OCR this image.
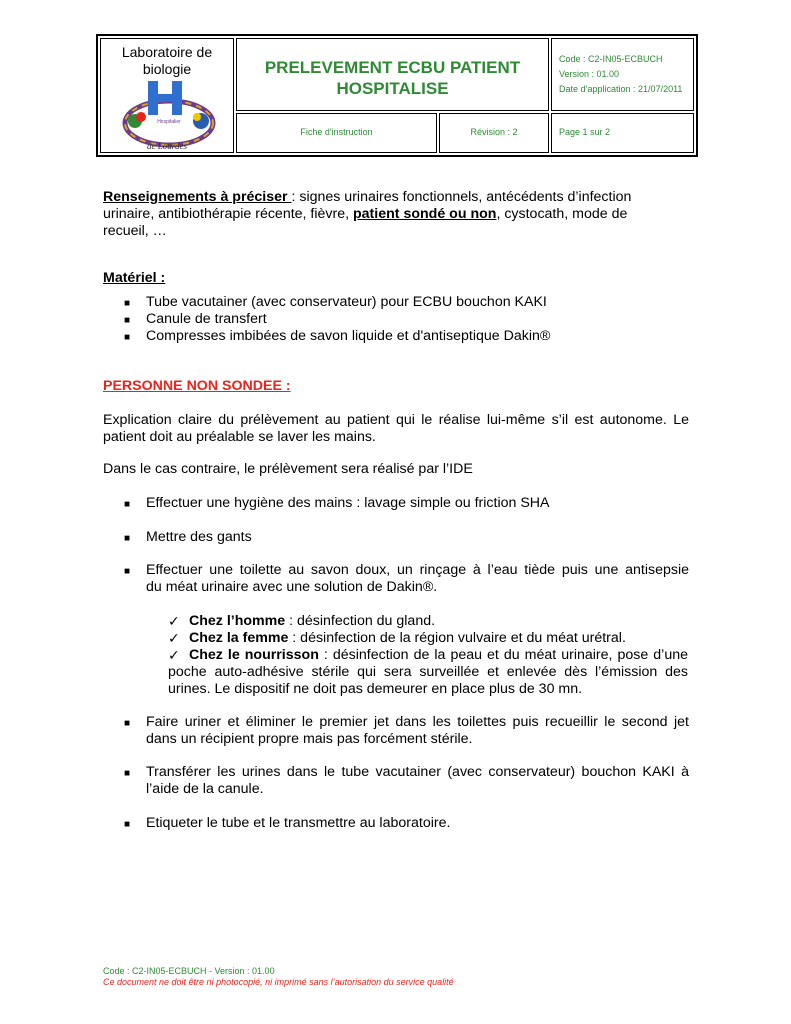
Laboratoire de
biologie
Hospitalier
de Lourdes
PRELEVEMENT ECBU PATIENT
HOSPITALISE
Code : C2-IN05-ECBUCH
Version : 01.00
Date d’application : 21/07/2011
Fiche d'instruction	Révision : 2	Page 1 sur 2
Renseignements à préciser : signes urinaires fonctionnels, antécédents d’infection
urinaire, antibiothérapie récente, fièvre, patient sondé ou non, cystocath, mode de
recueil, …
Matériel :
■ Tube vacutainer (avec conservateur) pour ECBU bouchon KAKI
■ Canule de transfert
■ Compresses imbibées de savon liquide et d'antiseptique Dakin®
PERSONNE NON SONDEE :
Explication claire du prélèvement au patient qui le réalise lui-même s’il est autonome. Le
patient doit au préalable se laver les mains.
Dans le cas contraire, le prélèvement sera réalisé par l’IDE
■ Effectuer une hygiène des mains : lavage simple ou friction SHA
■ Mettre des gants
■ Effectuer une toilette au savon doux, un rinçage à l’eau tiède puis une antisepsie
du méat urinaire avec une solution de Dakin®.
✓ Chez l’homme : désinfection du gland.
✓ Chez la femme : désinfection de la région vulvaire et du méat urétral.
✓ Chez le nourrisson : désinfection de la peau et du méat urinaire, pose d’une
poche auto-adhésive stérile qui sera surveillée et enlevée dès l’émission des
urines. Le dispositif ne doit pas demeurer en place plus de 30 mn.
■ Faire uriner et éliminer le premier jet dans les toilettes puis recueillir le second jet
dans un récipient propre mais pas forcément stérile.
■ Transférer les urines dans le tube vacutainer (avec conservateur) bouchon KAKI à
l’aide de la canule.
■ Etiqueter le tube et le transmettre au laboratoire.
Code : C2-IN05-ECBUCH - Version : 01.00
Ce document ne doit être ni photocopié, ni imprimé sans l’autorisation du service qualité
